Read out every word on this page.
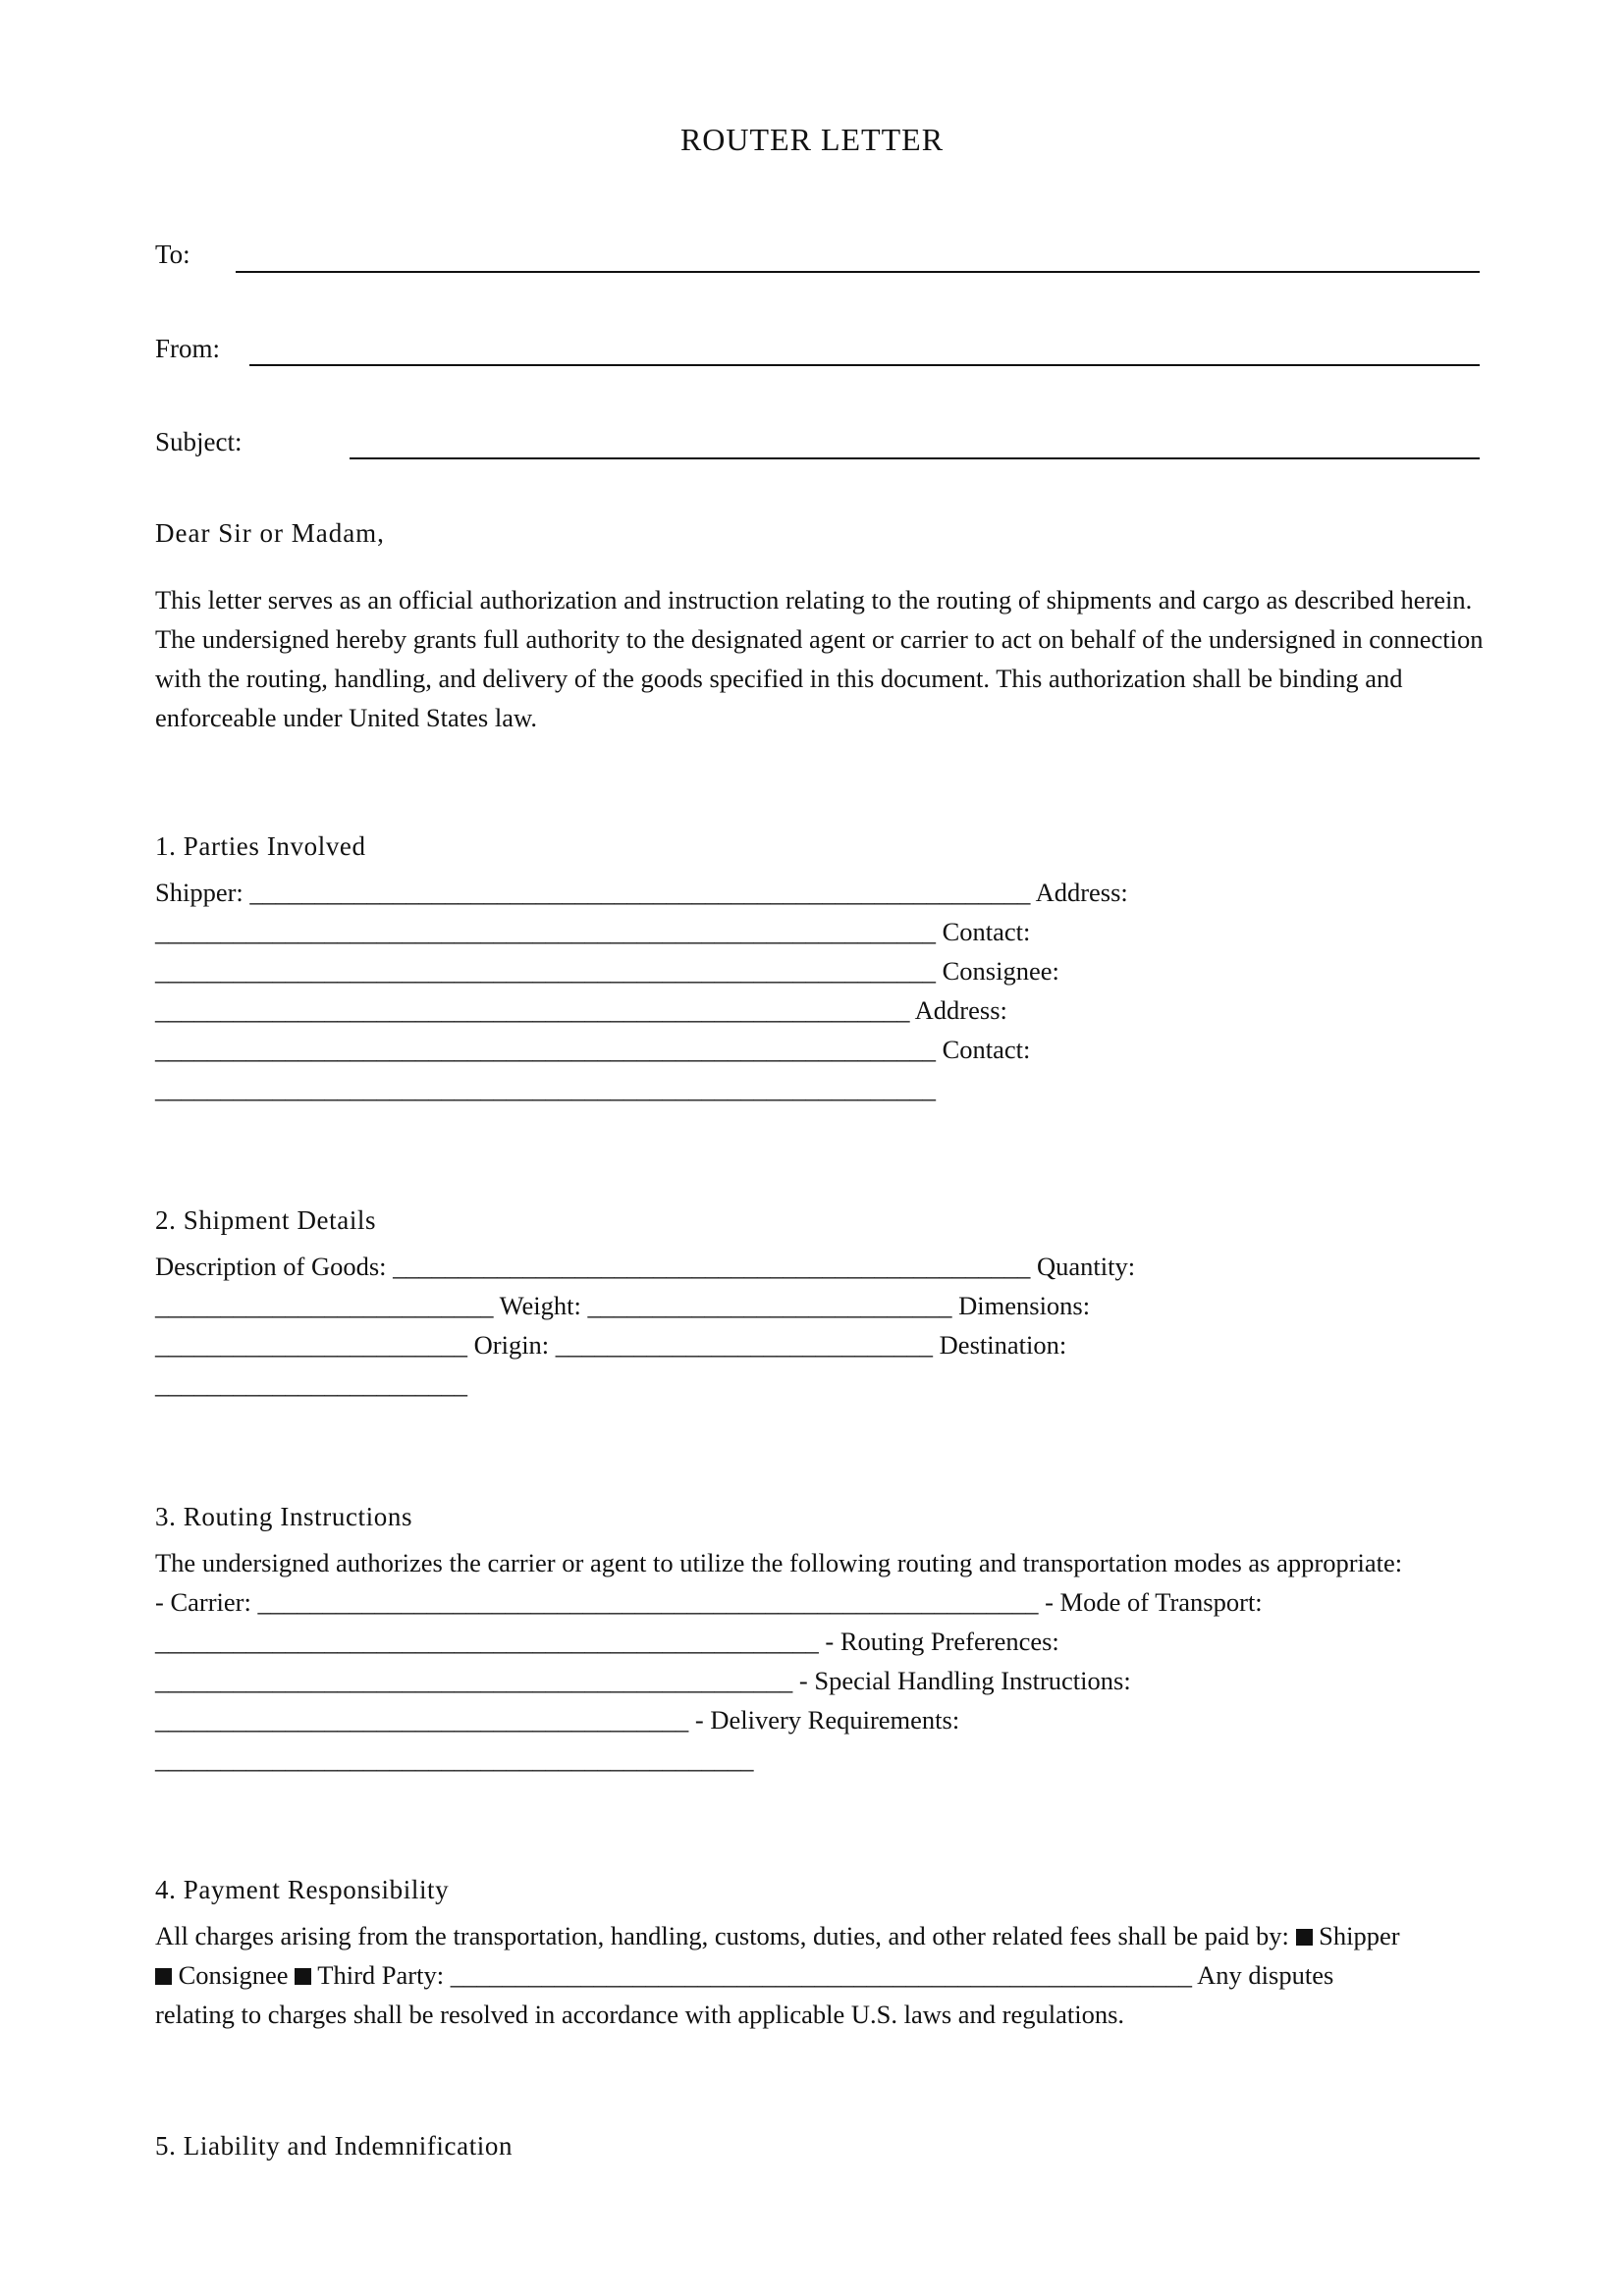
ROUTER LETTER
To:
From:
Subject:
Dear Sir or Madam,

This letter serves as an official authorization and instruction relating to the routing of shipments and cargo as described herein. The undersigned hereby grants full authority to the designated agent or carrier to act on behalf of the undersigned in connection with the routing, handling, and delivery of the goods specified in this document. This authorization shall be binding and enforceable under United States law.

1. Parties Involved
Shipper: ____________________________________________________________ Address:
____________________________________________________________ Contact:
____________________________________________________________ Consignee:
__________________________________________________________ Address:
____________________________________________________________ Contact:
____________________________________________________________
2. Shipment Details
Description of Goods: _________________________________________________ Quantity:
__________________________ Weight: ____________________________ Dimensions:
________________________ Origin: _____________________________ Destination:
________________________
3. Routing Instructions
The undersigned authorizes the carrier or agent to utilize the following routing and transportation modes as appropriate:
- Carrier: ____________________________________________________________ - Mode of Transport:
___________________________________________________ - Routing Preferences:
_________________________________________________ - Special Handling Instructions:
_________________________________________ - Delivery Requirements:
______________________________________________
4. Payment Responsibility
All charges arising from the transportation, handling, customs, duties, and other related fees shall be paid by:  Shipper
Consignee Third Party: _________________________________________________________ Any disputes
relating to charges shall be resolved in accordance with applicable U.S. laws and regulations.
5. Liability and Indemnification
